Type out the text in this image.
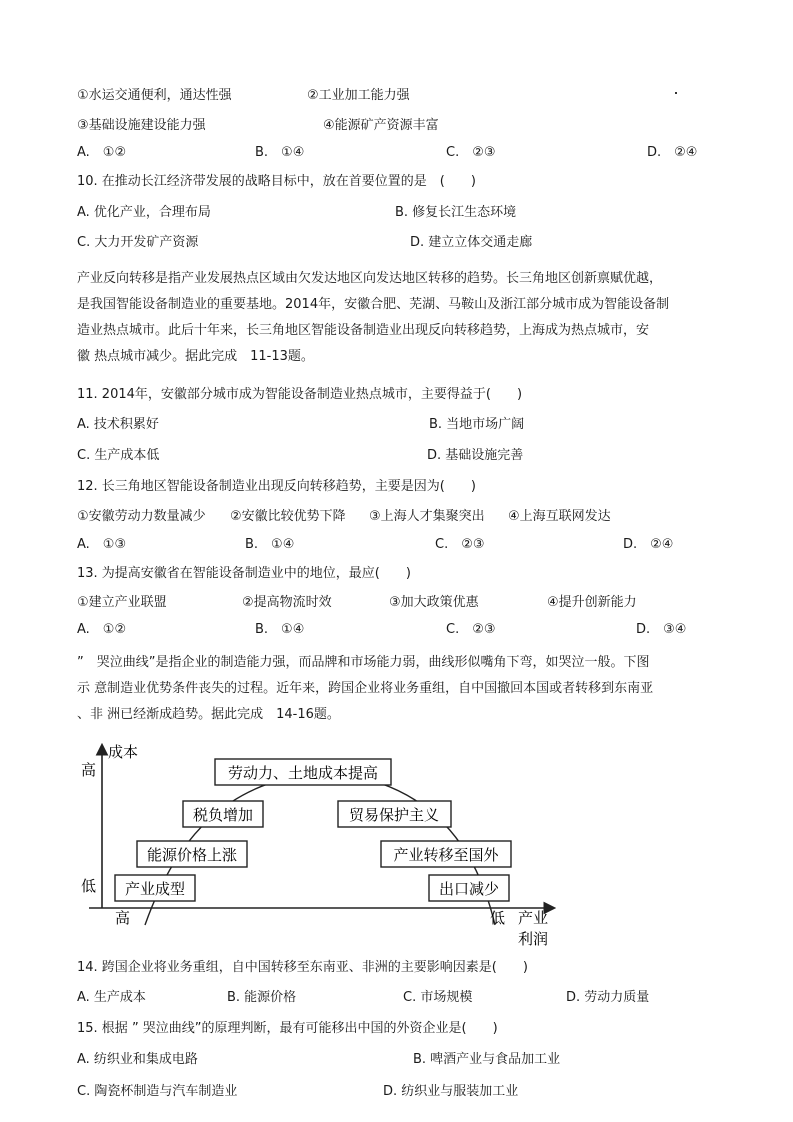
①水运交通便利，通达性强	②工业加工能力强
③基础设施建设能力强	④能源矿产资源丰富
A.　①②	B.　①④	C.　②③	D.　②④
10. 在推动长江经济带发展的战略目标中，放在首要位置的是　(　　)
A. 优化产业，合理布局	B. 修复长江生态环境
C. 大力开发矿产资源	D. 建立立体交通走廊

产业反向转移是指产业发展热点区域由欠发达地区向发达地区转移的趋势。长三角地区创新禀赋优越，

是我国智能设备制造业的重要基地。2014年，安徽合肥、芜湖、马鞍山及浙江部分城市成为智能设备制

造业热点城市。此后十年来，长三角地区智能设备制造业出现反向转移趋势，上海成为热点城市，安

徽 热点城市减少。据此完成　11-13题。

11. 2014年，安徽部分城市成为智能设备制造业热点城市，主要得益于(　　)
A. 技术积累好	B. 当地市场广阔
C. 生产成本低	D. 基础设施完善
12. 长三角地区智能设备制造业出现反向转移趋势，主要是因为(　　)
①安徽劳动力数量减少 ②安徽比较优势下降 ③上海人才集聚突出 ④上海互联网发达
A.　①③	B.　①④	C.　②③	D.　②④
13. 为提高安徽省在智能设备制造业中的地位，最应(　　)
①建立产业联盟	②提高物流时效	③加大政策优惠	④提升创新能力
A.　①②	B.　①④	C.　②③	D.　③④

”　哭泣曲线”是指企业的制造能力强，而品牌和市场能力弱，曲线形似嘴角下弯，如哭泣一般。下图

示 意制造业优势条件丧失的过程。近年来，跨国企业将业务重组，自中国撤回本国或者转移到东南亚

、非 洲已经渐成趋势。据此完成　14-16题。

成本
高
低
高	低 产业
利润
劳动力、土地成本提高
税负增加	贸易保护主义
能源价格上涨	产业转移至国外
产业成型	出口减少
14. 跨国企业将业务重组，自中国转移至东南亚、非洲的主要影响因素是(　　)
A. 生产成本	B. 能源价格	C. 市场规模	D. 劳动力质量
15. 根据 ” 哭泣曲线”的原理判断，最有可能移出中国的外资企业是(　　)
A. 纺织业和集成电路	B. 啤酒产业与食品加工业
C. 陶瓷杯制造与汽车制造业	D. 纺织业与服装加工业
